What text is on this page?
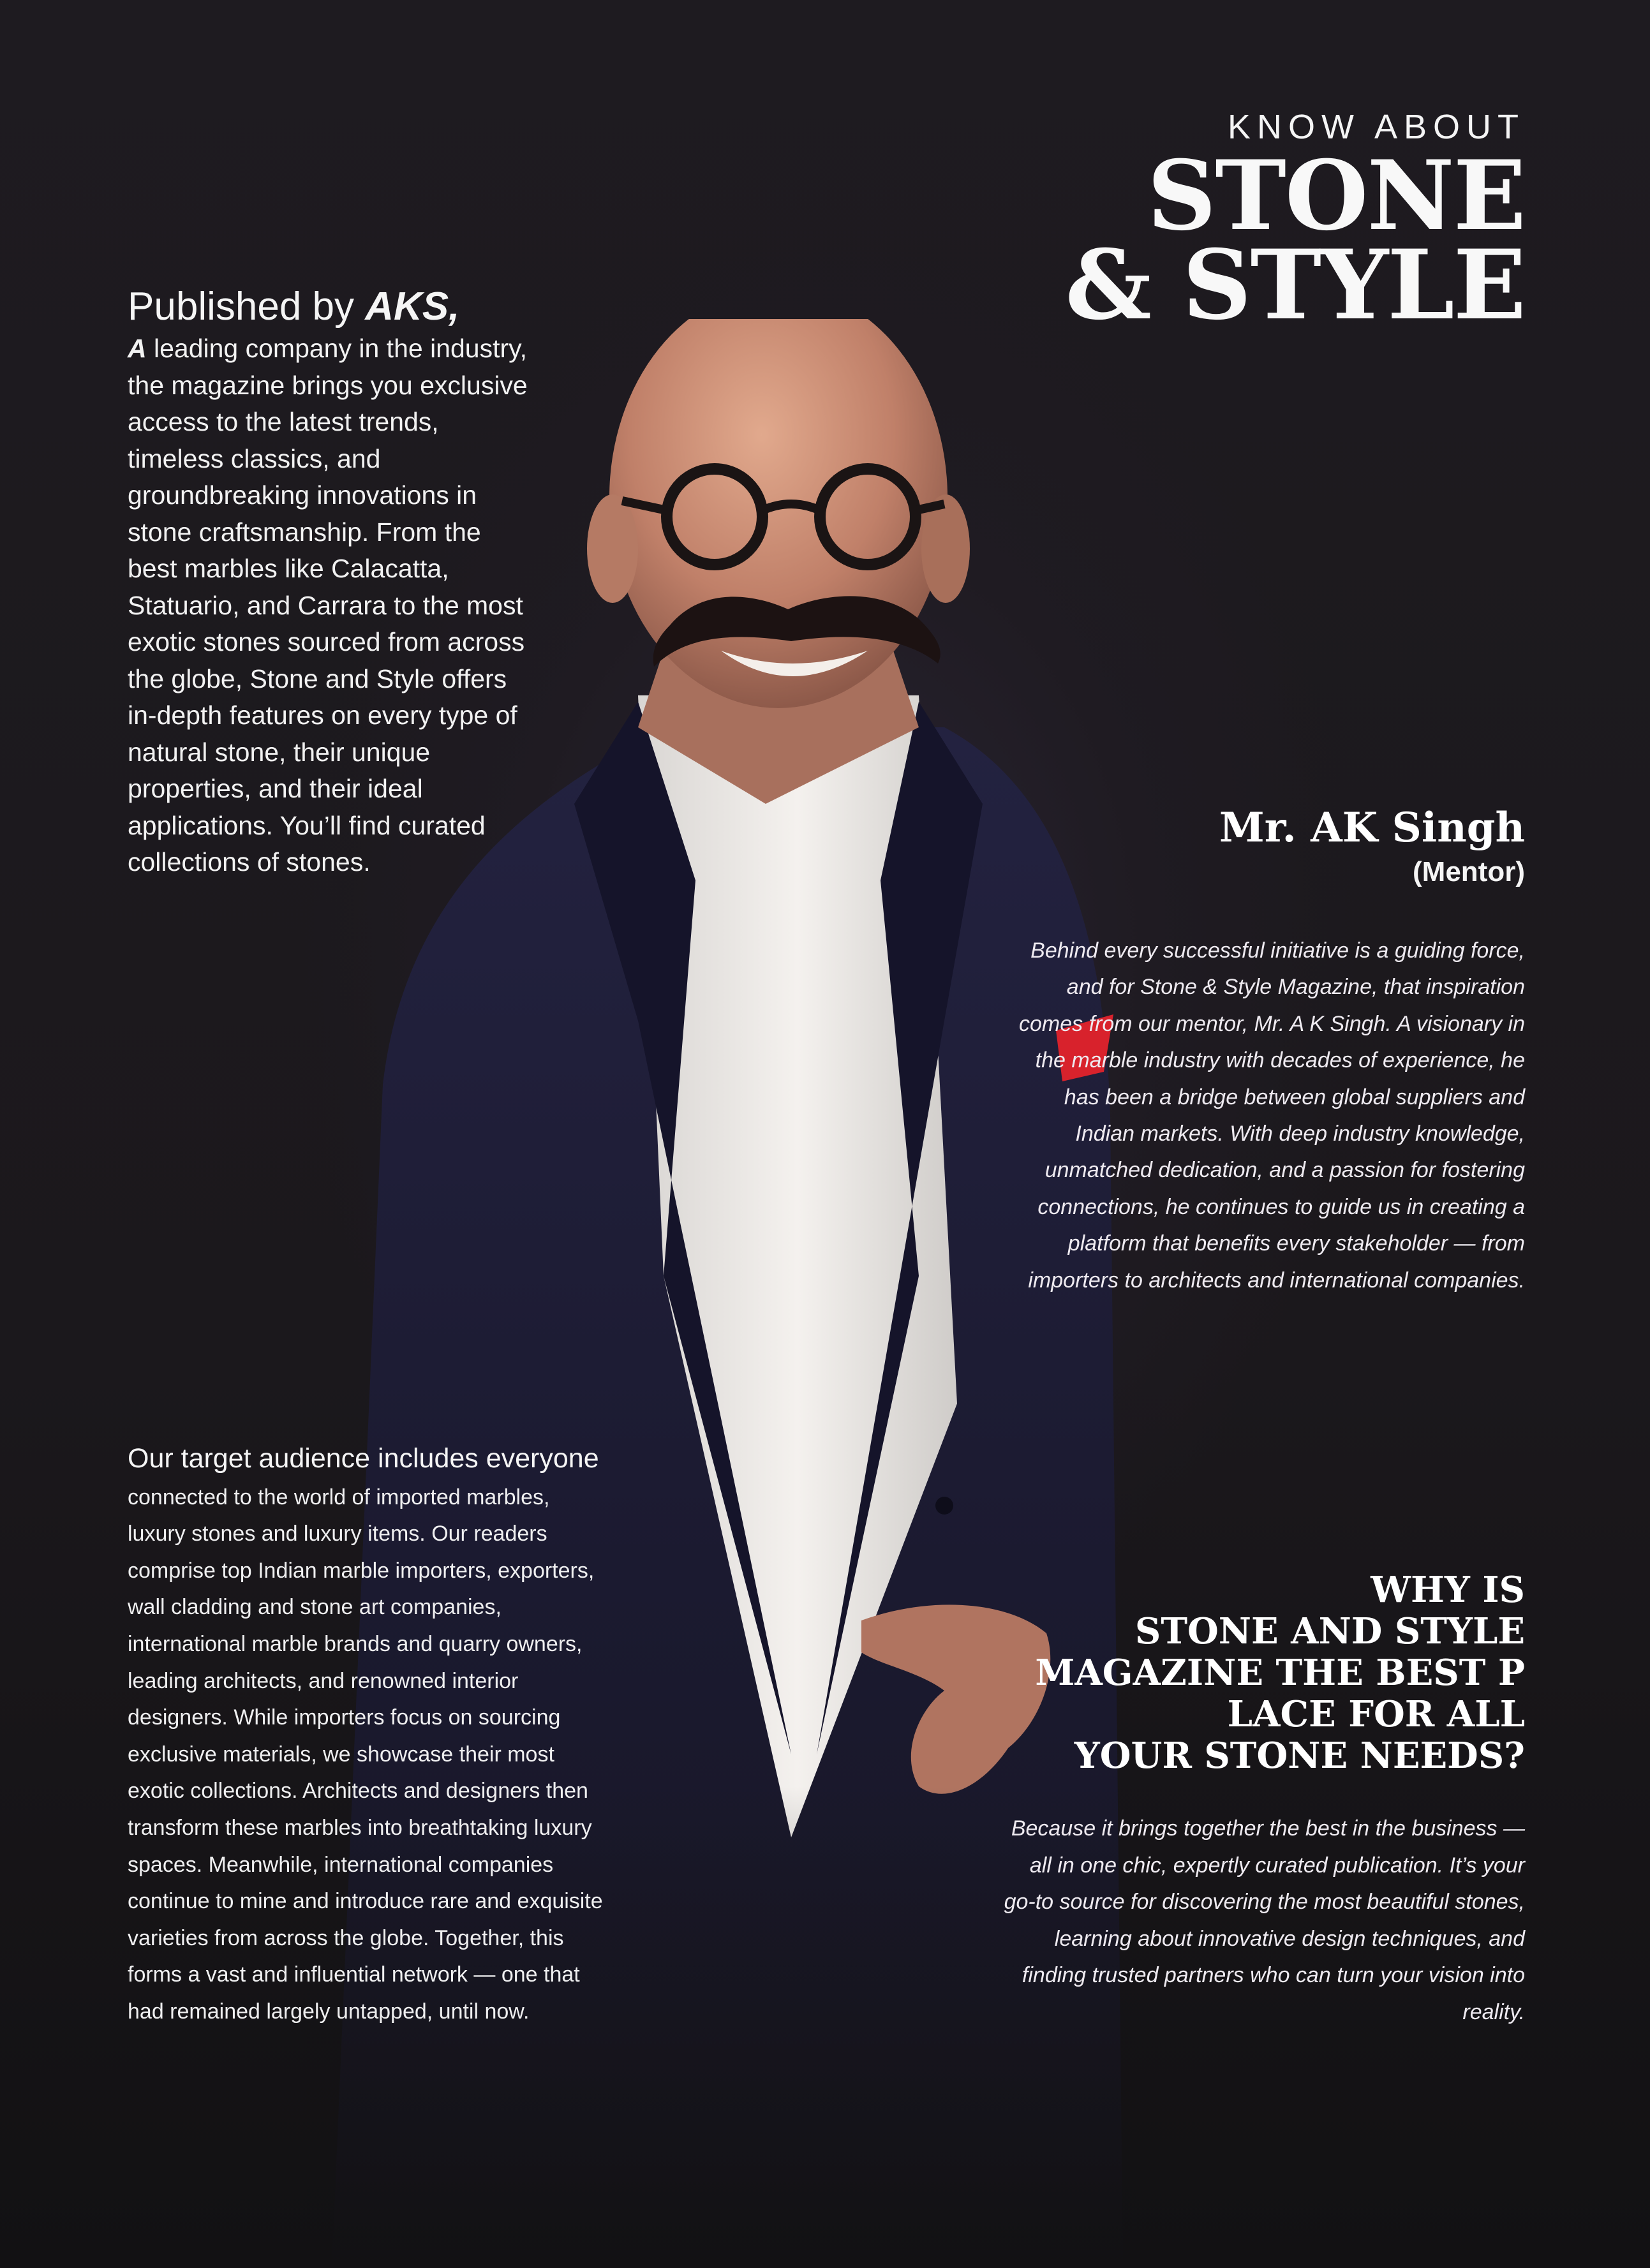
KNOW ABOUT
STONE
& STYLE
Published by AKS,
A leading company in the industry, the magazine brings you exclusive access to the latest trends, timeless classics, and groundbreaking innovations in stone craftsmanship. From the best marbles like Calacatta, Statuario, and Carrara to the most exotic stones sourced from across the globe, Stone and Style offers in-depth features on every type of natural stone, their unique properties, and their ideal applications. You’ll find curated collections of stones.
Mr. AK Singh
(Mentor)
Behind every successful initiative is a guiding force, and for Stone & Style Magazine, that inspiration comes from our mentor, Mr. A K Singh. A visionary in the marble industry with decades of experience, he has been a bridge between global suppliers and Indian markets. With deep industry knowledge, unmatched dedication, and a passion for fostering connections, he continues to guide us in creating a platform that benefits every stakeholder — from importers to architects and international companies.
Our target audience includes everyone connected to the world of imported marbles, luxury stones and luxury items. Our readers comprise top Indian marble importers, exporters, wall cladding and stone art companies, international marble brands and quarry owners, leading architects, and renowned interior designers. While importers focus on sourcing exclusive materials, we showcase their most exotic collections. Architects and designers then transform these marbles into breathtaking luxury spaces. Meanwhile, international companies continue to mine and introduce rare and exquisite varieties from across the globe. Together, this forms a vast and influential network — one that had remained largely untapped, until now.
WHY IS
STONE AND STYLE
MAGAZINE THE BEST P
LACE FOR ALL
YOUR STONE NEEDS?
Because it brings together the best in the business — all in one chic, expertly curated publication. It’s your go-to source for discovering the most beautiful stones, learning about innovative design techniques, and finding trusted partners who can turn your vision into reality.
